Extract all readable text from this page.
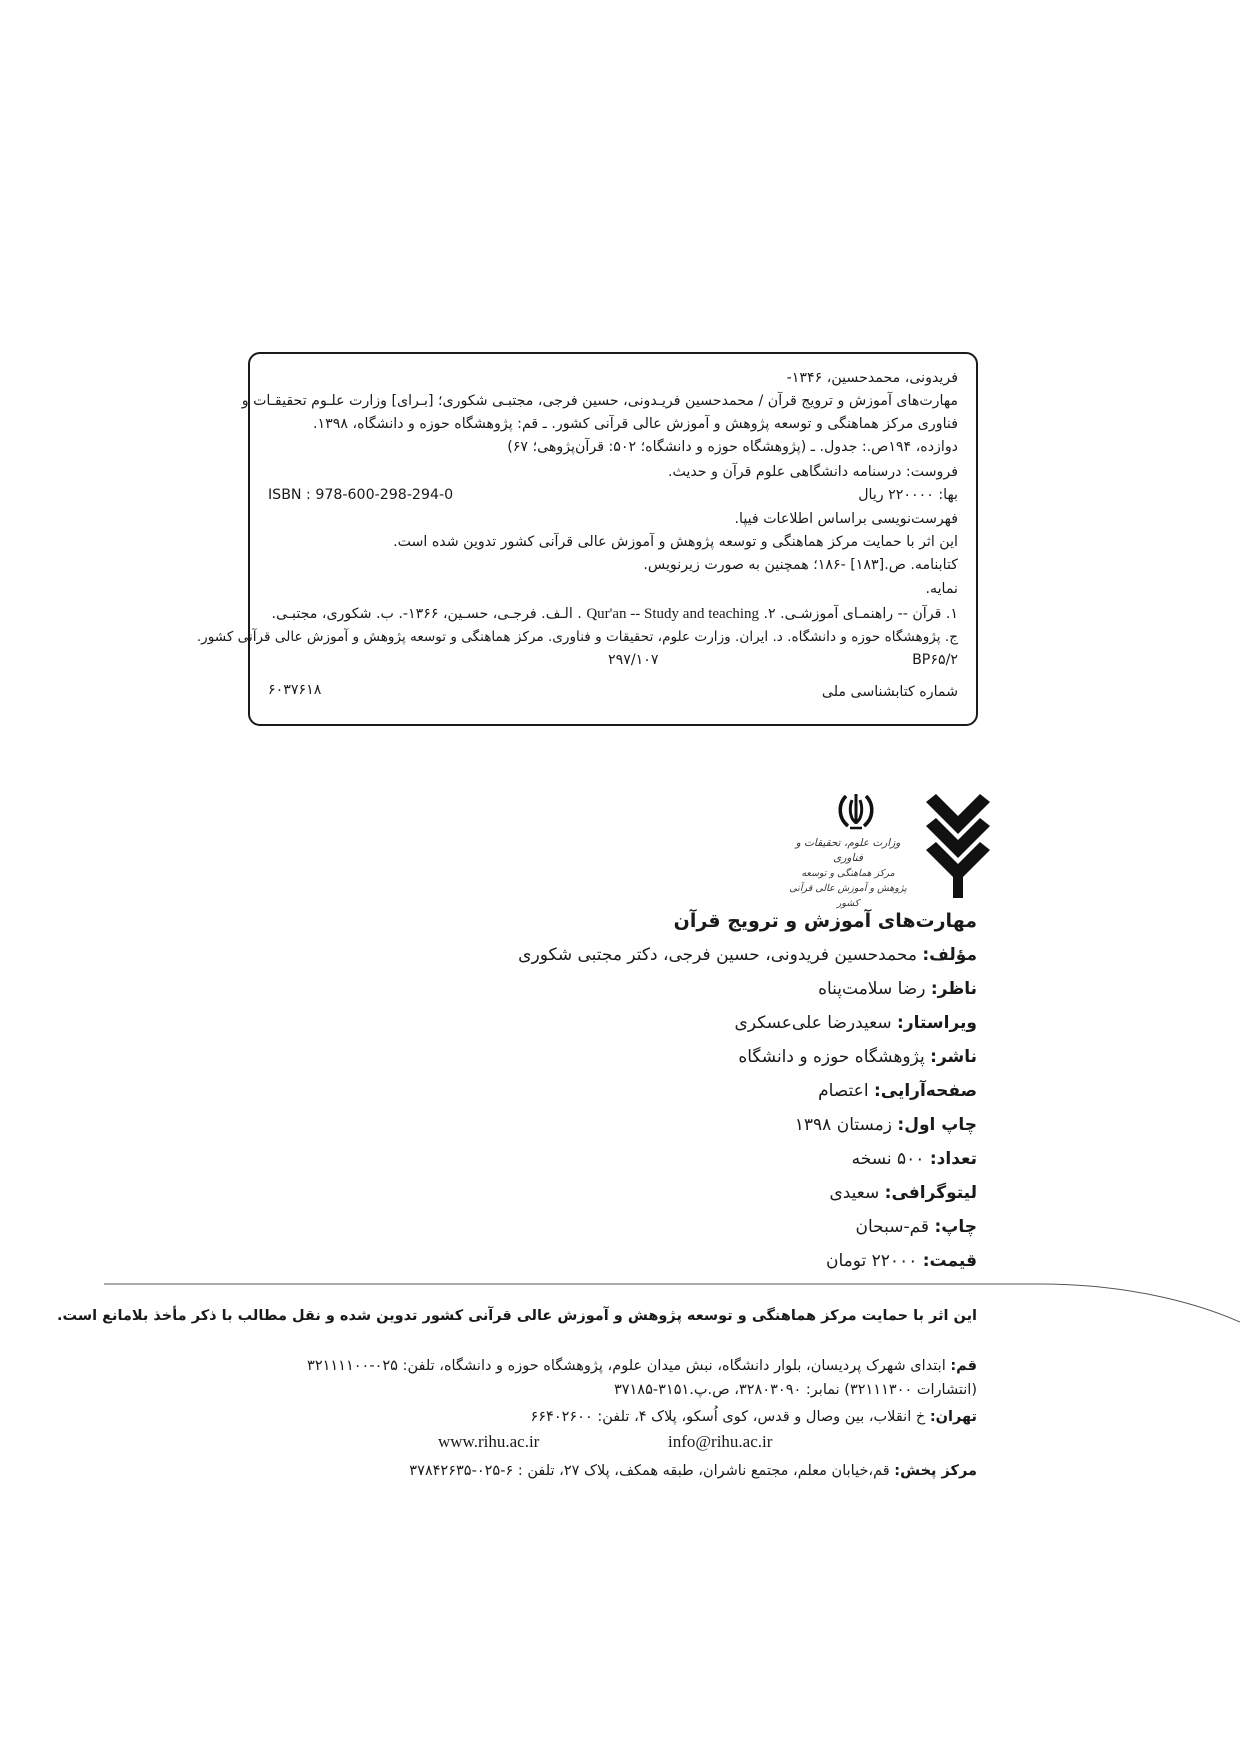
فریدونی، محمدحسین، ۱۳۴۶-
مهارت‌های آموزش و ترویج قرآن / محمدحسین فریـدونی، حسین فرجی، مجتبـی شکوری؛ [بـرای] وزارت علـوم تحقیقـات و
فناوری مرکز هماهنگی و توسعه پژوهش و آموزش عالی قرآنی کشور. ـ قم: پژوهشگاه حوزه و دانشگاه، ۱۳۹۸.
دوازده، ۱۹۴ص.: جدول. ـ (پژوهشگاه حوزه و دانشگاه؛ ۵۰۲: قرآن‌پژوهی؛ ۶۷)
فروست: درسنامه دانشگاهی علوم قرآن و حدیث.
ISBN : 978-600-298-294-0	بها: ۲۲۰۰۰۰ ریال
فهرست‌نویسی براساس اطلاعات فیپا.
این اثر با حمایت مرکز هماهنگی و توسعه پژوهش و آموزش عالی قرآنی کشور تدوین شده است.
کتابنامه. ص.[۱۸۳] -۱۸۶؛ همچنین به صورت زیرنویس.
نمایه.
۱. قرآن -- راهنمـای آموزشـی. ۲. Qur'an -- Study and teaching . الـف. فرجـی، حسـین، ۱۳۶۶-. ب. شکوری، مجتبـی.
ج. پژوهشگاه حوزه و دانشگاه. د. ایران. وزارت علوم، تحقیقات و فناوری. مرکز هماهنگی و توسعه پژوهش و آموزش عالی قرآنی کشور.
BP۶۵/۲
۲۹۷/۱۰۷
شماره کتابشناسی ملی
۶۰۳۷۶۱۸
وزارت علوم، تحقیقات و فناوری
مرکز هماهنگی و توسعه پژوهش و آموزش عالی قرآنی کشور
مهارت‌های آموزش و ترویج قرآن
مؤلف: محمدحسین فریدونی، حسین فرجی، دکتر مجتبی شکوری
ناظر: رضا سلامت‌پناه
ویراستار: سعیدرضا علی‌عسکری
ناشر: پژوهشگاه حوزه و دانشگاه
صفحه‌آرایی: اعتصام
چاپ اول: زمستان ۱۳۹۸
تعداد: ۵۰۰ نسخه
لیتوگرافی: سعیدی
چاپ: قم-سبحان
قیمت: ۲۲۰۰۰ تومان
این اثر با حمایت مرکز هماهنگی و توسعه پژوهش و آموزش عالی قرآنی کشور تدوین شده و نقل مطالب با ذکر مأخذ بلامانع است.
قم: ابتدای شهرک پردیسان، بلوار دانشگاه، نبش میدان علوم، پژوهشگاه حوزه و دانشگاه، تلفن: ۰۲۵-۳۲۱۱۱۱۰۰
(انتشارات ۳۲۱۱۱۳۰۰) نمابر: ۳۲۸۰۳۰۹۰، ص.پ.۳۱۵۱-۳۷۱۸۵
تهران: خ انقلاب، بین وصال و قدس، کوی اُسکو، پلاک ۴، تلفن: ۶۶۴۰۲۶۰۰
www.rihu.ac.ir	info@rihu.ac.ir
مرکز پخش: قم،خیابان معلم، مجتمع ناشران، طبقه همکف، پلاک ۲۷، تلفن : ۶-۰۲۵-۳۷۸۴۲۶۳۵
